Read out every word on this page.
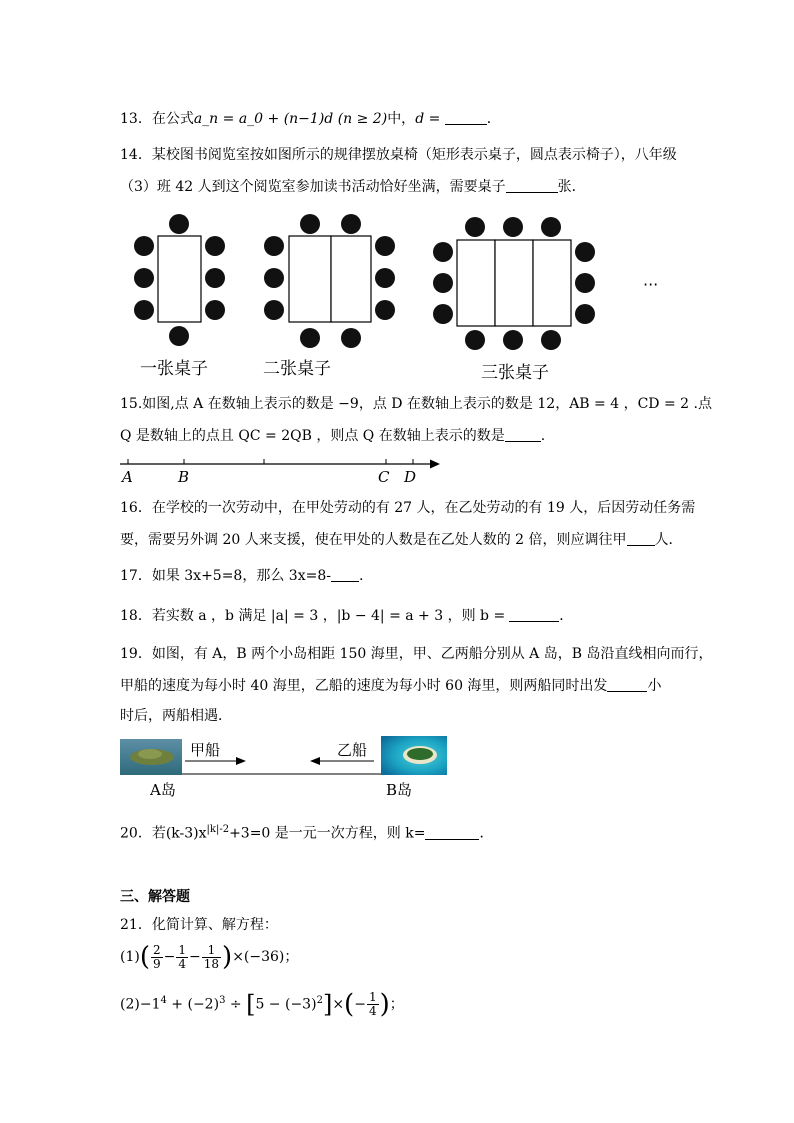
13．在公式a_n = a_0 + (n−1)d (n ≥ 2)中，d =	．
14．某校图书阅览室按如图所示的规律摆放桌椅（矩形表示桌子，圆点表示椅子），八年级
（3）班 42 人到这个阅览室参加读书活动恰好坐满，需要桌子	张．
一张桌子	二张桌子	三张桌子
···
15.如图,点 A 在数轴上表示的数是 −9，点 D 在数轴上表示的数是 12，AB = 4 ，CD = 2 .点
Q 是数轴上的点且 QC = 2QB ，则点 Q 在数轴上表示的数是	.
A	B	C D
16．在学校的一次劳动中，在甲处劳动的有 27 人，在乙处劳动的有 19 人，后因劳动任务需
要，需要另外调 20 人来支援，使在甲处的人数是在乙处人数的 2 倍，则应调往甲 人．
17．如果 3x+5=8，那么 3x=8- .
18．若实数 a ，b 满足 |a| = 3 ，|b − 4| = a + 3 ，则 b =	．
19．如图，有 A，B 两个小岛相距 150 海里，甲、乙两船分别从 A 岛，B 岛沿直线相向而行，
甲船的速度为每小时 40 海里，乙船的速度为每小时 60 海里，则两船同时出发	小
时后，两船相遇．
甲船	乙船
A岛	B岛
20．若$(k-3)x^{|k|-2}+3=0$ 是一元一次方程，则 k=	．
三、解答题
21．化简计算、解方程：
$(1)( \frac{2}{9} - \frac{1}{4} - \frac{1}{18} )\times(-36)$；
$(2)-1^4 + (-2)^3 \div [5 - (-3)^2]\times(- \frac{1}{4}$ )；
